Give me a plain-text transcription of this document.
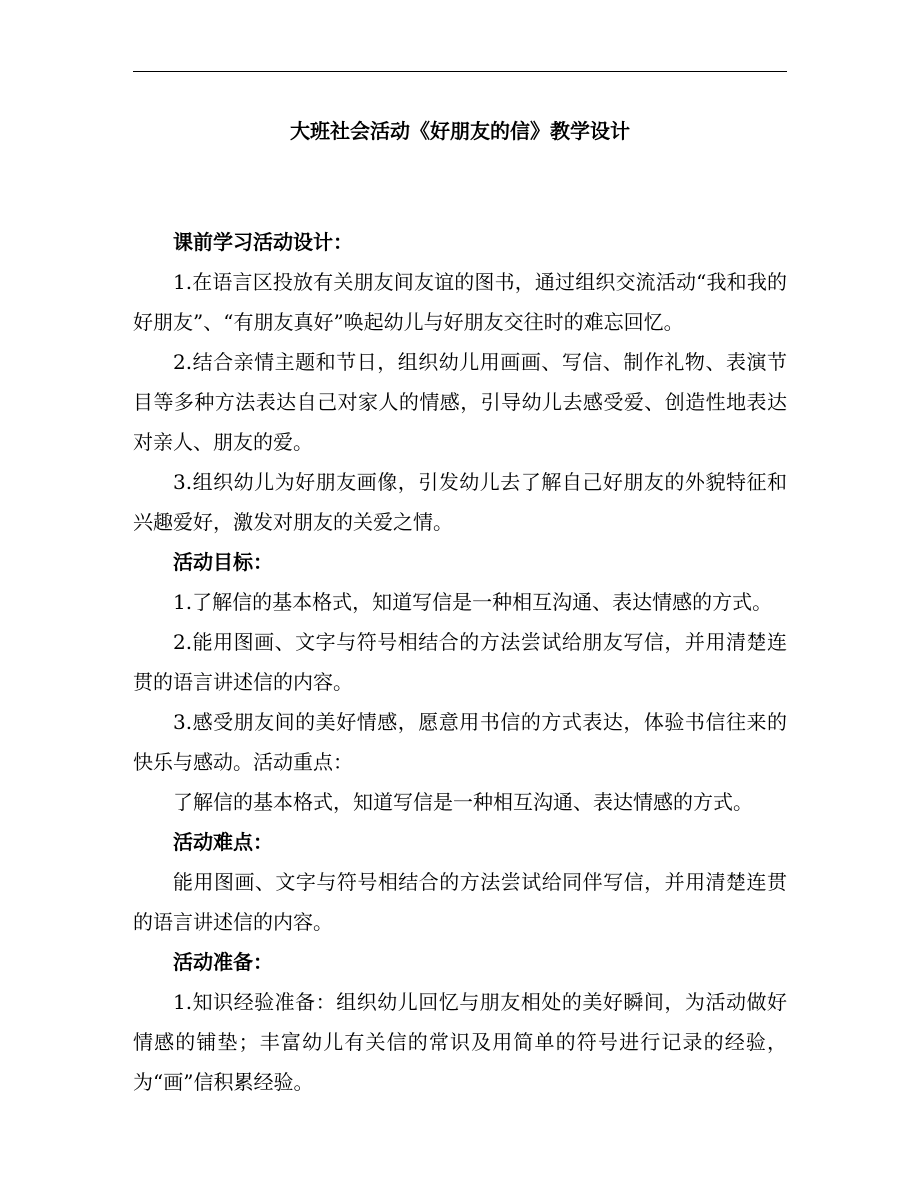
大班社会活动《好朋友的信》教学设计

课前学习活动设计：

1.在语言区投放有关朋友间友谊的图书，通过组织交流活动“我和我的好朋友”、“有朋友真好”唤起幼儿与好朋友交往时的难忘回忆。

2.结合亲情主题和节日，组织幼儿用画画、写信、制作礼物、表演节目等多种方法表达自己对家人的情感，引导幼儿去感受爱、创造性地表达对亲人、朋友的爱。

3.组织幼儿为好朋友画像，引发幼儿去了解自己好朋友的外貌特征和兴趣爱好，激发对朋友的关爱之情。

活动目标：

1.了解信的基本格式，知道写信是一种相互沟通、表达情感的方式。

2.能用图画、文字与符号相结合的方法尝试给朋友写信，并用清楚连贯的语言讲述信的内容。

3.感受朋友间的美好情感，愿意用书信的方式表达，体验书信往来的快乐与感动。活动重点：

了解信的基本格式，知道写信是一种相互沟通、表达情感的方式。

活动难点：

能用图画、文字与符号相结合的方法尝试给同伴写信，并用清楚连贯的语言讲述信的内容。

活动准备：

1.知识经验准备：组织幼儿回忆与朋友相处的美好瞬间，为活动做好情感的铺垫；丰富幼儿有关信的常识及用简单的符号进行记录的经验，为“画”信积累经验。
